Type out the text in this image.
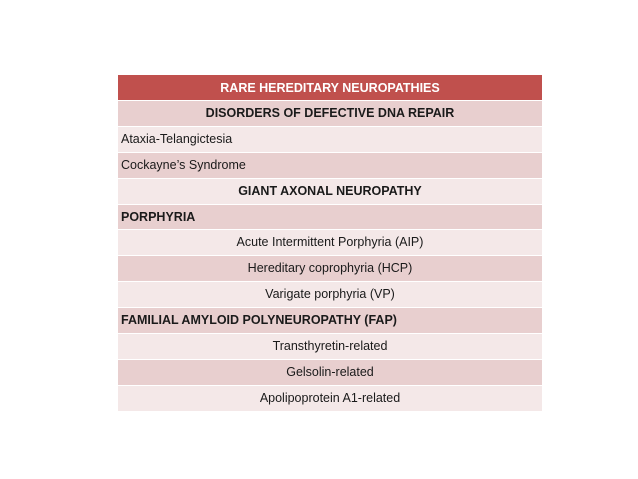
RARE HEREDITARY NEUROPATHIES
DISORDERS OF DEFECTIVE DNA REPAIR
Ataxia-Telangictesia
Cockayne’s Syndrome
GIANT AXONAL NEUROPATHY
PORPHYRIA
Acute Intermittent Porphyria (AIP)
Hereditary coprophyria (HCP)
Varigate porphyria (VP)
FAMILIAL AMYLOID POLYNEUROPATHY (FAP)
Transthyretin-related
Gelsolin-related
Apolipoprotein A1-related
